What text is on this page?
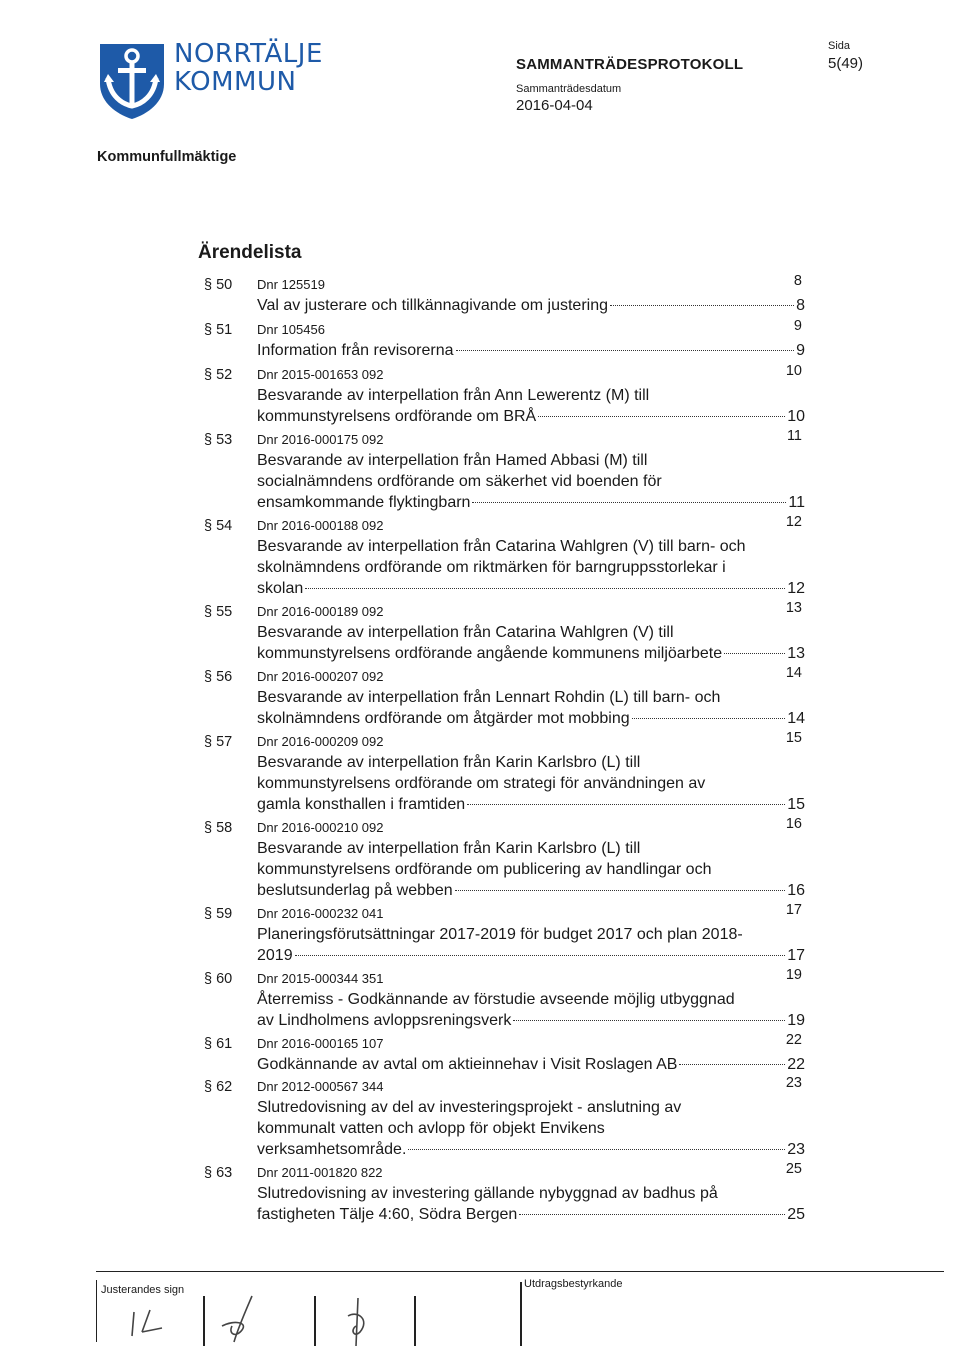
NORRTÄLJE
KOMMUN
SAMMANTRÄDESPROTOKOLL
Sammanträdesdatum
2016-04-04
Sida
5(49)
Kommunfullmäktige
Ärendelista
§ 50 Dnr 125519	8
Val av justerare och tillkännagivande om justering	8
§ 51 Dnr 105456	9
Information från revisorerna	9
§ 52 Dnr 2015-001653 092	10
Besvarande av interpellation från Ann Lewerentz (M) till
kommunstyrelsens ordförande om BRÅ	10
§ 53 Dnr 2016-000175 092	11
Besvarande av interpellation från Hamed Abbasi (M) till
socialnämndens ordförande om säkerhet vid boenden för
ensamkommande flyktingbarn	11
§ 54 Dnr 2016-000188 092	12
Besvarande av interpellation från Catarina Wahlgren (V) till barn- och
skolnämndens ordförande om riktmärken för barngruppsstorlekar i
skolan	12
§ 55 Dnr 2016-000189 092	13
Besvarande av interpellation från Catarina Wahlgren (V) till
kommunstyrelsens ordförande angående kommunens miljöarbete	13
§ 56 Dnr 2016-000207 092	14
Besvarande av interpellation från Lennart Rohdin (L) till barn- och
skolnämndens ordförande om åtgärder mot mobbing	14
§ 57 Dnr 2016-000209 092	15
Besvarande av interpellation från Karin Karlsbro (L) till
kommunstyrelsens ordförande om strategi för användningen av
gamla konsthallen i framtiden	15
§ 58 Dnr 2016-000210 092	16
Besvarande av interpellation från Karin Karlsbro (L) till
kommunstyrelsens ordförande om publicering av handlingar och
beslutsunderlag på webben	16
§ 59 Dnr 2016-000232 041	17
Planeringsförutsättningar 2017-2019 för budget 2017 och plan 2018-
2019	17
§ 60 Dnr 2015-000344 351	19
Återremiss - Godkännande av förstudie avseende möjlig utbyggnad
av Lindholmens avloppsreningsverk	19
§ 61 Dnr 2016-000165 107	22
Godkännande av avtal om aktieinnehav i Visit Roslagen AB	22
§ 62 Dnr 2012-000567 344	23
Slutredovisning av del av investeringsprojekt - anslutning av
kommunalt vatten och avlopp för objekt Envikens
verksamhetsområde.	23
§ 63 Dnr 2011-001820 822	25
Slutredovisning av investering gällande nybyggnad av badhus på
fastigheten Tälje 4:60, Södra Bergen	25
Justerandes sign	Utdragsbestyrkande
